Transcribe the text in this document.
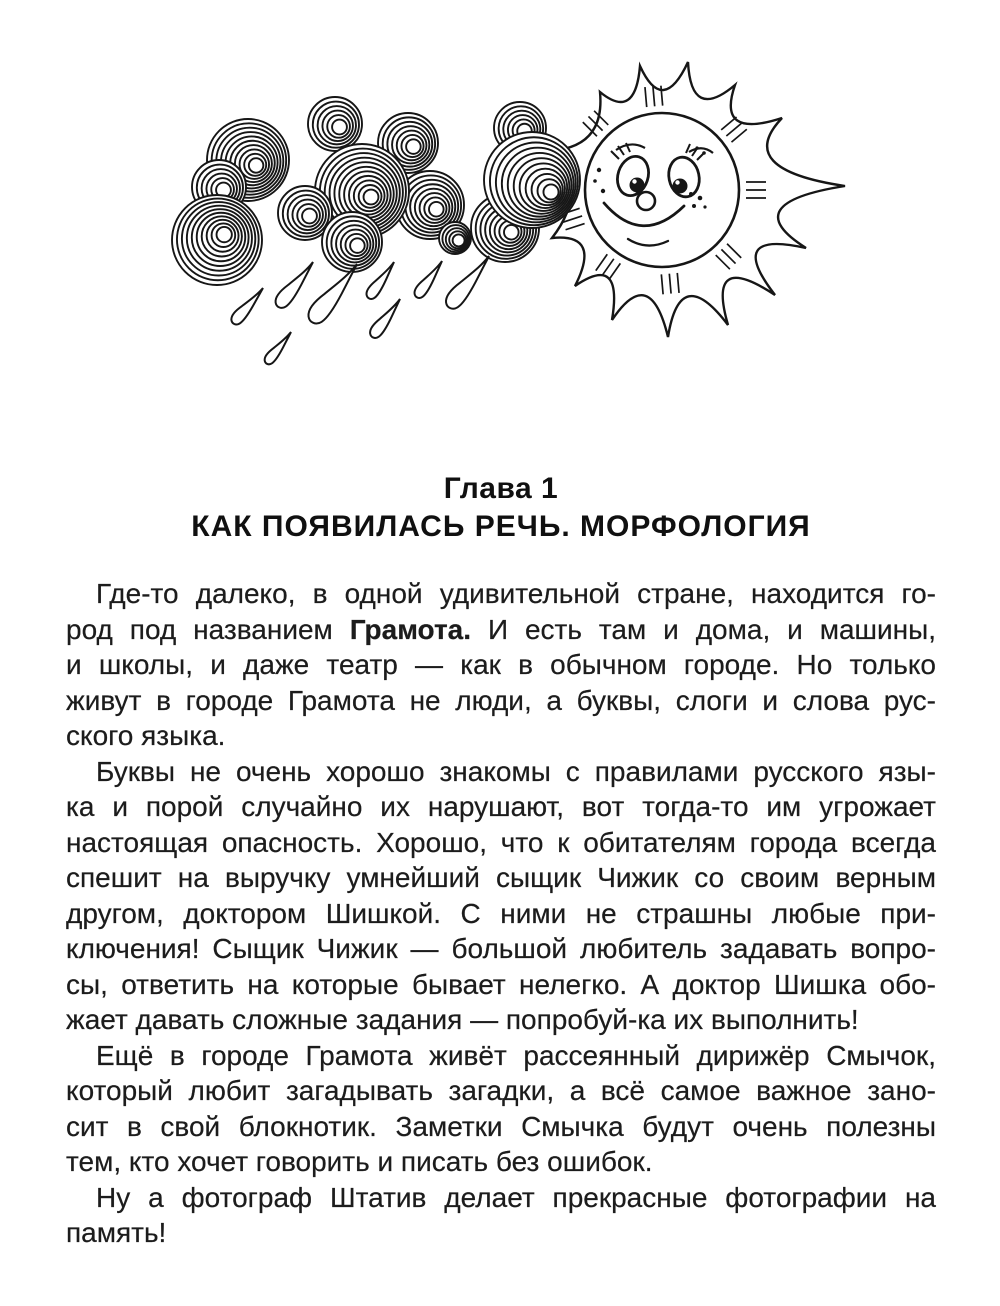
Глава 1
КАК ПОЯВИЛАСЬ РЕЧЬ. МОРФОЛОГИЯ
Где-то далеко, в одной удивительной стране, находится го-
род под названием Грамота. И есть там и дома, и машины,
и школы, и даже театр — как в обычном городе. Но только
живут в городе Грамота не люди, а буквы, слоги и слова рус-
ского языка.
Буквы не очень хорошо знакомы с правилами русского язы-
ка и порой случайно их нарушают, вот тогда-то им угрожает
настоящая опасность. Хорошо, что к обитателям города всегда
спешит на выручку умнейший сыщик Чижик со своим верным
другом, доктором Шишкой. С ними не страшны любые при-
ключения! Сыщик Чижик — большой любитель задавать вопро-
сы, ответить на которые бывает нелегко. А доктор Шишка обо-
жает давать сложные задания — попробуй-ка их выполнить!
Ещё в городе Грамота живёт рассеянный дирижёр Смычок,
который любит загадывать загадки, а всё самое важное зано-
сит в свой блокнотик. Заметки Смычка будут очень полезны
тем, кто хочет говорить и писать без ошибок.
Ну а фотограф Штатив делает прекрасные фотографии на
память!
